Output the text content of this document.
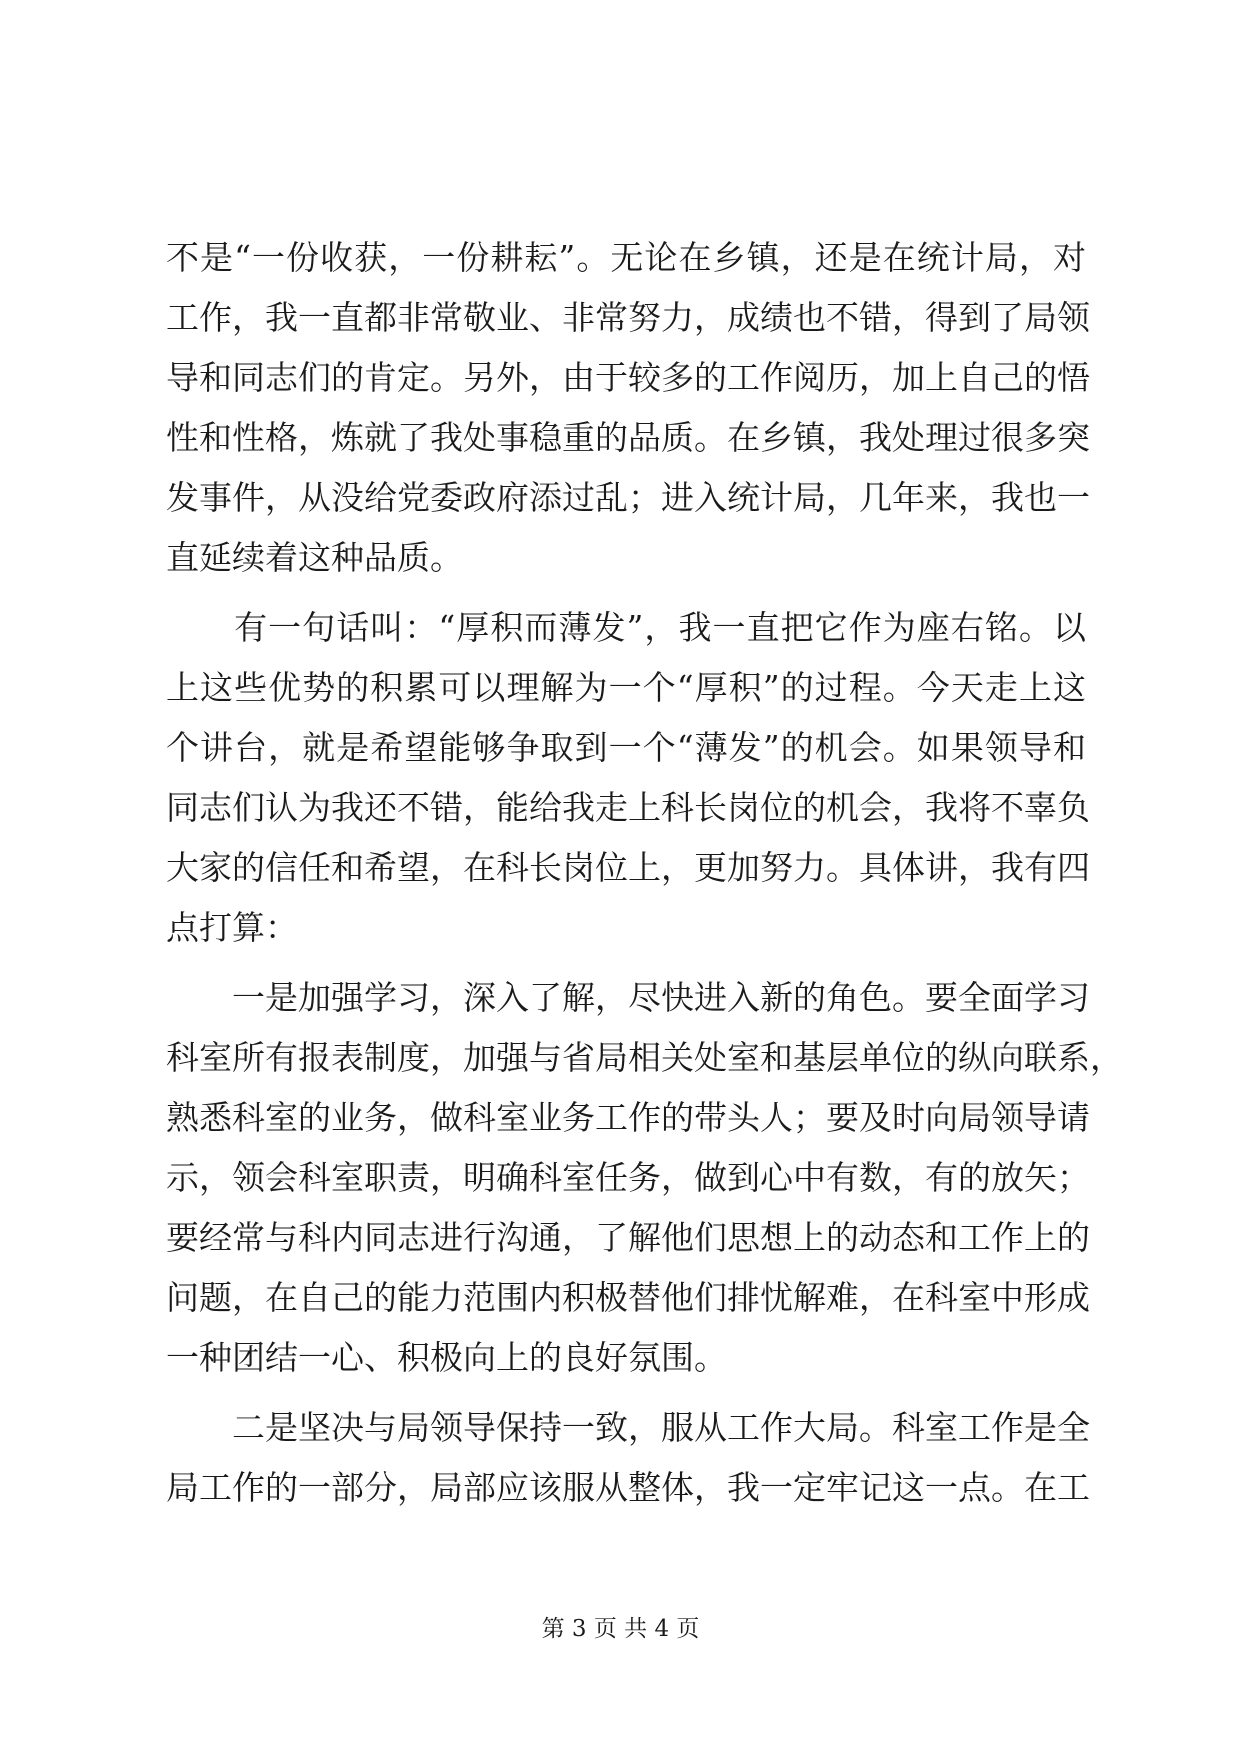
不是“一份收获，一份耕耘”。无论在乡镇，还是在统计局，对
工作，我一直都非常敬业、非常努力，成绩也不错，得到了局领
导和同志们的肯定。另外，由于较多的工作阅历，加上自己的悟
性和性格，炼就了我处事稳重的品质。在乡镇，我处理过很多突
发事件，从没给党委政府添过乱；进入统计局，几年来，我也一
直延续着这种品质。
　　有一句话叫：“厚积而薄发”，我一直把它作为座右铭。以
上这些优势的积累可以理解为一个“厚积”的过程。今天走上这
个讲台，就是希望能够争取到一个“薄发”的机会。如果领导和
同志们认为我还不错，能给我走上科长岗位的机会，我将不辜负
大家的信任和希望，在科长岗位上，更加努力。具体讲，我有四
点打算：
　　一是加强学习，深入了解，尽快进入新的角色。要全面学习
科室所有报表制度，加强与省局相关处室和基层单位的纵向联系，
熟悉科室的业务，做科室业务工作的带头人；要及时向局领导请
示，领会科室职责，明确科室任务，做到心中有数，有的放矢；
要经常与科内同志进行沟通，了解他们思想上的动态和工作上的
问题，在自己的能力范围内积极替他们排忧解难，在科室中形成
一种团结一心、积极向上的良好氛围。
　　二是坚决与局领导保持一致，服从工作大局。科室工作是全
局工作的一部分，局部应该服从整体，我一定牢记这一点。在工
第 3 页 共 4 页
